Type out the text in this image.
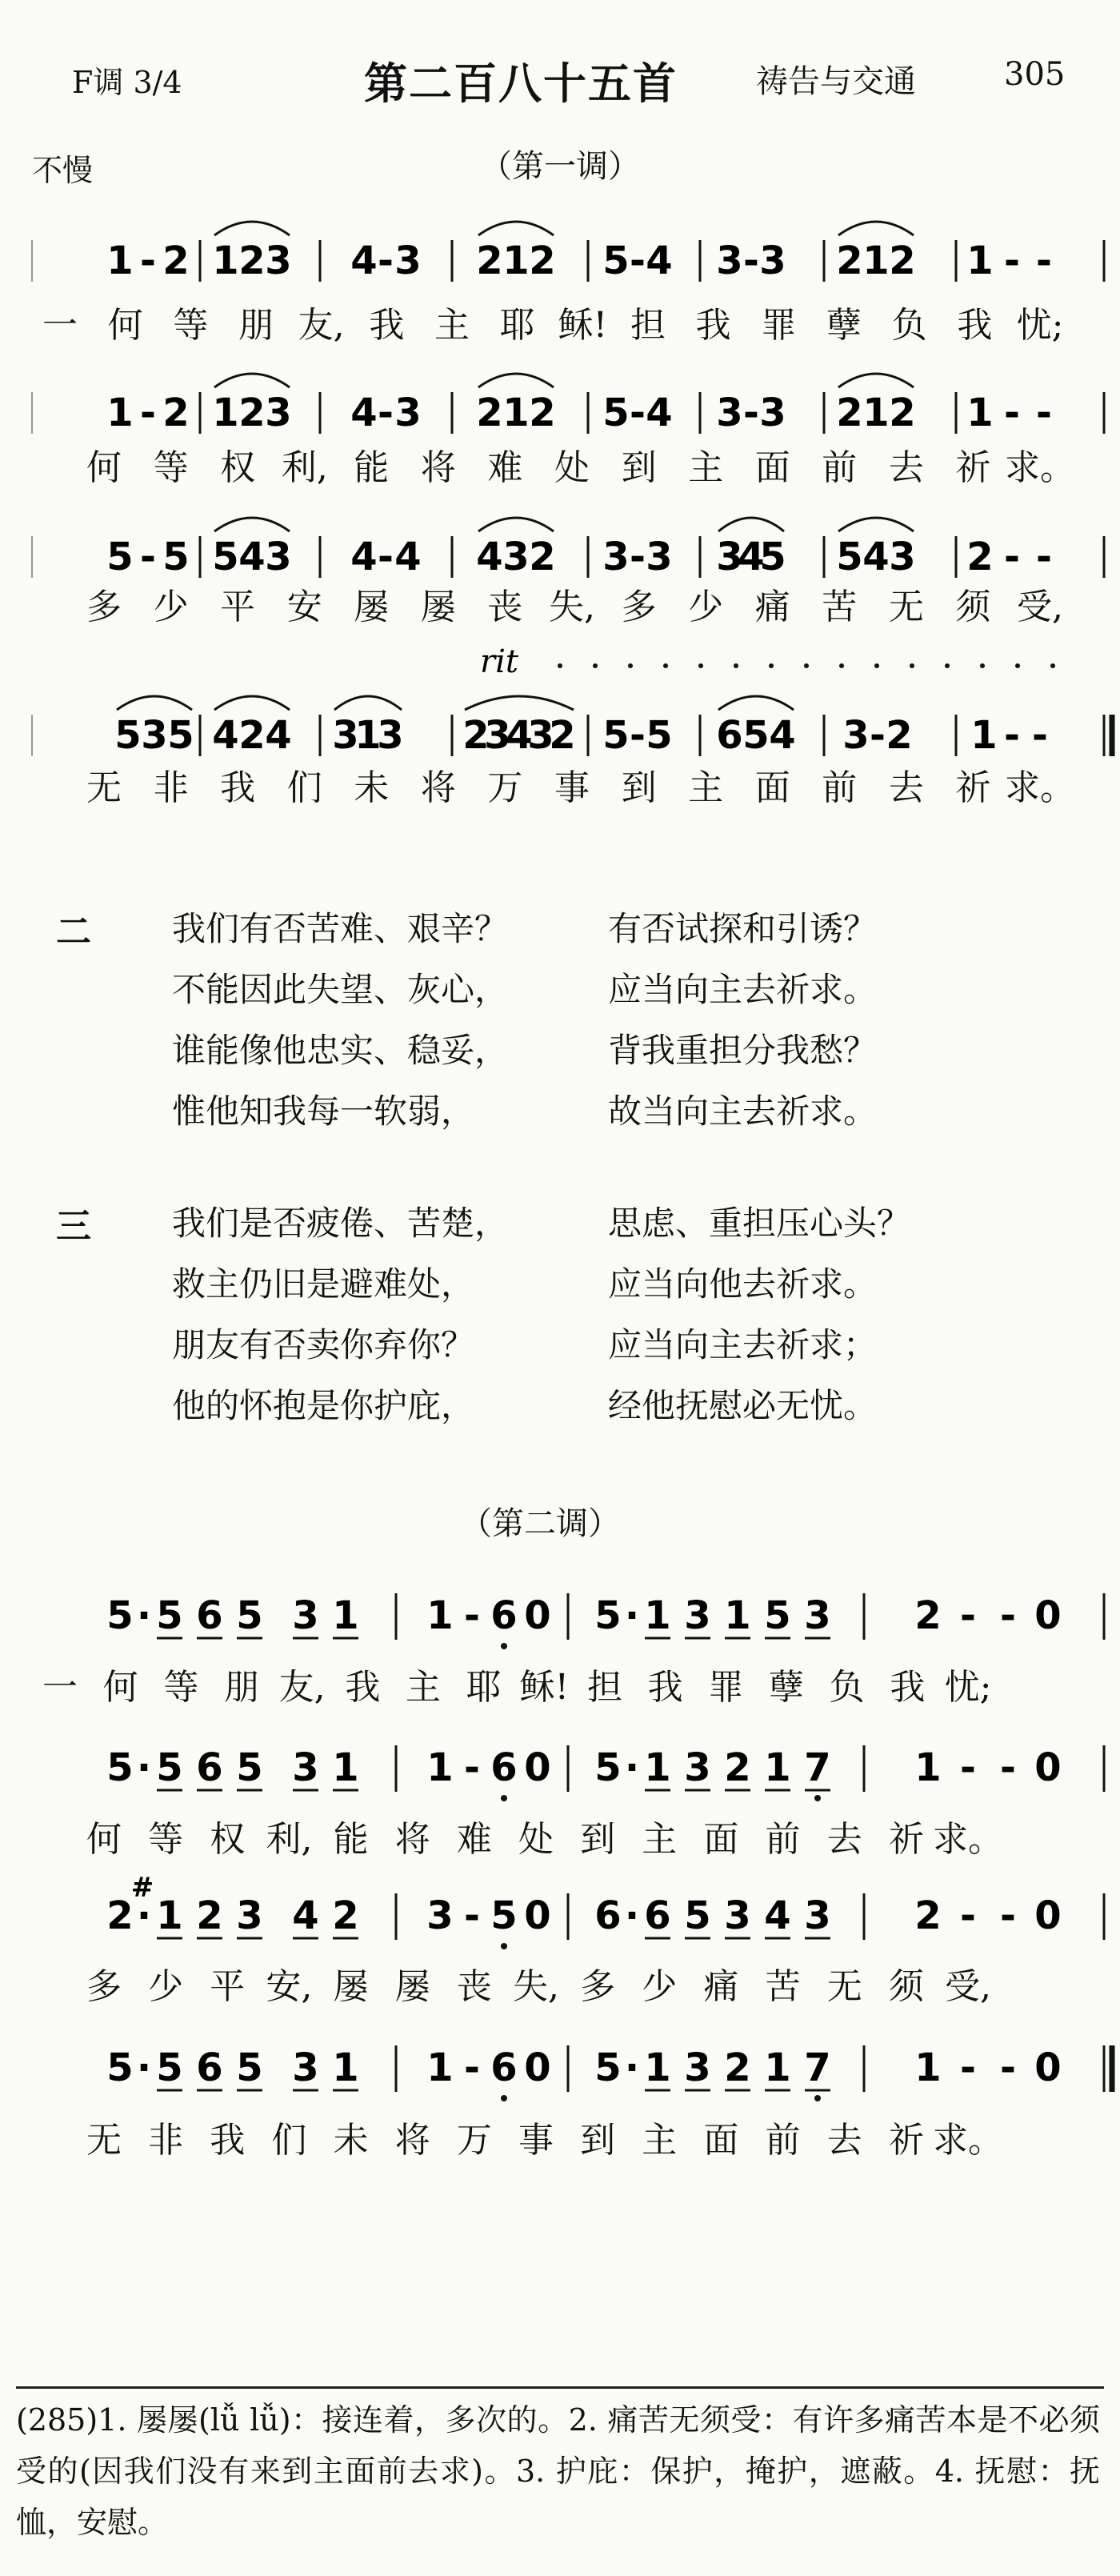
F调 3/4	第二百八十五首 祷告与交通	305
不慢	（第一调）
1 - 2 1 2 3 4 - 3 2 1 2 5 - 4 3 - 3 2 1 2 1 - -
一 何 等 朋 友, 我 主 耶 稣! 担 我 罪 孽 负 我 忧;
1 - 2 1 2 3 4 - 3 2 1 2 5 - 4 3 - 3 2 1 2 1 - -
何 等 权 利, 能 将 难 处 到 主 面 前 去 祈 求。
5 - 5 5 4 3 4 - 4 4 3 2 3 - 3 3
4
5 5 4 3 2 - -
多 少 平 安 屡 屡 丧 失, 多 少 痛 苦 无 须 受,
5 3 5 4 2 4 3
1
3 2
3
4
3
2 5 - 5 6 5 4 3 - 2 1 - -
rit
无 非 我 们 未 将 万 事 到 主 面 前 去 祈 求。
二 我们有否苦难、艰辛？	有否试探和引诱？
不能因此失望、灰心，	应当向主去祈求。
谁能像他忠实、稳妥，	背我重担分我愁？
惟他知我每一软弱，	故当向主去祈求。
三 我们是否疲倦、苦楚，	思虑、重担压心头？
救主仍旧是避难处，	应当向他去祈求。
朋友有否卖你弃你？	应当向主去祈求；
他的怀抱是你护庇，	经他抚慰必无忧。
（第二调）
5 · 5 6 5 3 1 1 - 6 0 5 · 1 3 1 5 3 2 - - 0
一 何 等 朋 友, 我 主 耶 稣! 担 我 罪 孽 负 我 忧;
5 · 5 6 5 3 1 1 - 6 0 5 · 1 3 2 1 7 1 - - 0
何 等 权 利, 能 将 难 处 到 主 面 前 去 祈 求。
2 · 1 2 3 4 2 3 - 5 0 6 · 6 5 3 4 3 2 - - 0
#
多 少 平 安, 屡 屡 丧 失, 多 少 痛 苦 无 须 受,
5 · 5 6 5 3 1 1 - 6 0 5 · 1 3 2 1 7 1 - - 0
无 非 我 们 未 将 万 事 到 主 面 前 去 祈 求。
(285)1. 屡屡(lǚ lǚ)：接连着，多次的。2. 痛苦无须受：有许多痛苦本是不必须受的(因我们没有来到主面前去求)。3. 护庇：保护，掩护，遮蔽。4. 抚慰：抚恤，安慰。
